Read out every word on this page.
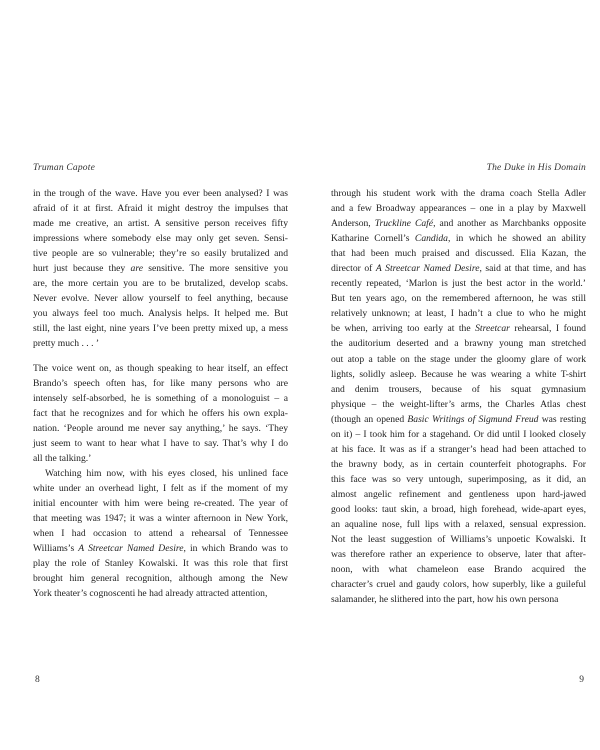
Truman Capote
in the trough of the wave. Have you ever been analysed? I was
afraid of it at first. Afraid it might destroy the impulses that
made me creative, an artist. A sensitive person receives fifty
impressions where somebody else may only get seven. Sensi-
tive people are so vulnerable; they’re so easily brutalized and
hurt just because they are sensitive. The more sensitive you
are, the more certain you are to be brutalized, develop scabs.
Never evolve. Never allow yourself to feel anything, because
you always feel too much. Analysis helps. It helped me. But
still, the last eight, nine years I’ve been pretty mixed up, a mess
pretty much . . . ’
The voice went on, as though speaking to hear itself, an effect
Brando’s speech often has, for like many persons who are
intensely self-absorbed, he is something of a monologuist – a
fact that he recognizes and for which he offers his own expla-
nation. ‘People around me never say anything,’ he says. ‘They
just seem to want to hear what I have to say. That’s why I do
all the talking.’
Watching him now, with his eyes closed, his unlined face
white under an overhead light, I felt as if the moment of my
initial encounter with him were being re-created. The year of
that meeting was 1947; it was a winter afternoon in New York,
when I had occasion to attend a rehearsal of Tennessee
Williams’s A Streetcar Named Desire, in which Brando was to
play the role of Stanley Kowalski. It was this role that first
brought him general recognition, although among the New
York theater’s cognoscenti he had already attracted attention,
8
The Duke in His Domain
through his student work with the drama coach Stella Adler
and a few Broadway appearances – one in a play by Maxwell
Anderson, Truckline Café, and another as Marchbanks opposite
Katharine Cornell’s Candida, in which he showed an ability
that had been much praised and discussed. Elia Kazan, the
director of A Streetcar Named Desire, said at that time, and has
recently repeated, ‘Marlon is just the best actor in the world.’
But ten years ago, on the remembered afternoon, he was still
relatively unknown; at least, I hadn’t a clue to who he might
be when, arriving too early at the Streetcar rehearsal, I found
the auditorium deserted and a brawny young man stretched
out atop a table on the stage under the gloomy glare of work
lights, solidly asleep. Because he was wearing a white T-shirt
and denim trousers, because of his squat gymnasium
physique – the weight-lifter’s arms, the Charles Atlas chest
(though an opened Basic Writings of Sigmund Freud was resting
on it) – I took him for a stagehand. Or did until I looked closely
at his face. It was as if a stranger’s head had been attached to
the brawny body, as in certain counterfeit photographs. For
this face was so very untough, superimposing, as it did, an
almost angelic refinement and gentleness upon hard-jawed
good looks: taut skin, a broad, high forehead, wide-apart eyes,
an aqualine nose, full lips with a relaxed, sensual expression.
Not the least suggestion of Williams’s unpoetic Kowalski. It
was therefore rather an experience to observe, later that after-
noon, with what chameleon ease Brando acquired the
character’s cruel and gaudy colors, how superbly, like a guileful
salamander, he slithered into the part, how his own persona
9
